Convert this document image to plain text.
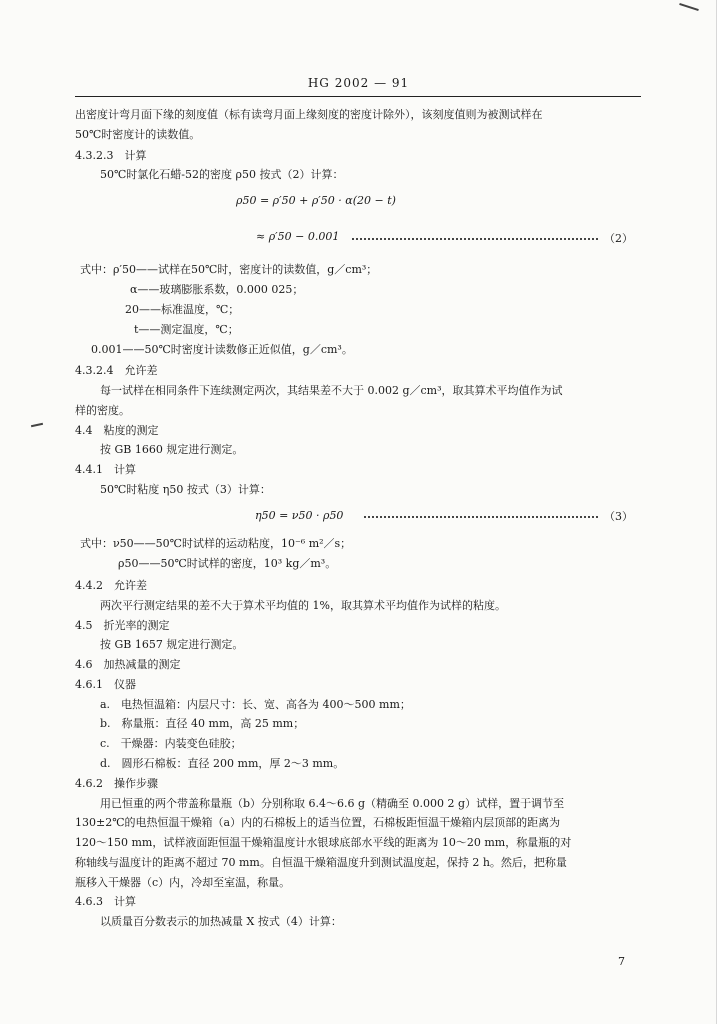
HG 2002 — 91
出密度计弯月面下缘的刻度值（标有读弯月面上缘刻度的密度计除外），该刻度值则为被测试样在
50℃时密度计的读数值。
4.3.2.3　计算
50℃时氯化石蜡-52的密度 ρ50 按式（2）计算：
ρ50 = ρ′50 + ρ′50 · α(20 − t)
≈ ρ′50 − 0.001	（2）
式中：ρ′50——试样在50℃时，密度计的读数值，g／cm³；
α——玻璃膨胀系数，0.000 025；
20——标准温度，℃；
t——测定温度，℃；
0.001——50℃时密度计读数修正近似值，g／cm³。
4.3.2.4　允许差
每一试样在相同条件下连续测定两次，其结果差不大于 0.002 g／cm³，取其算术平均值作为试
样的密度。
4.4　粘度的测定
按 GB 1660 规定进行测定。
4.4.1　计算
50℃时粘度 η50 按式（3）计算：
η50 = ν50 · ρ50	（3）
式中：ν50——50℃时试样的运动粘度，10⁻⁶ m²／s；
ρ50——50℃时试样的密度，10³ kg／m³。
4.4.2　允许差
两次平行测定结果的差不大于算术平均值的 1%，取其算术平均值作为试样的粘度。
4.5　折光率的测定
按 GB 1657 规定进行测定。
4.6　加热减量的测定
4.6.1　仪器
a.　电热恒温箱：内层尺寸：长、宽、高各为 400～500 mm；
b.　称量瓶：直径 40 mm，高 25 mm；
c.　干燥器：内装变色硅胶；
d.　圆形石棉板：直径 200 mm，厚 2～3 mm。
4.6.2　操作步骤
用已恒重的两个带盖称量瓶（b）分别称取 6.4～6.6 g（精确至 0.000 2 g）试样，置于调节至
130±2℃的电热恒温干燥箱（a）内的石棉板上的适当位置，石棉板距恒温干燥箱内层顶部的距离为
120～150 mm，试样液面距恒温干燥箱温度计水银球底部水平线的距离为 10～20 mm，称量瓶的对
称轴线与温度计的距离不超过 70 mm。自恒温干燥箱温度升到测试温度起，保持 2 h。然后，把称量
瓶移入干燥器（c）内，冷却至室温，称量。
4.6.3　计算
以质量百分数表示的加热减量 X 按式（4）计算：
7
